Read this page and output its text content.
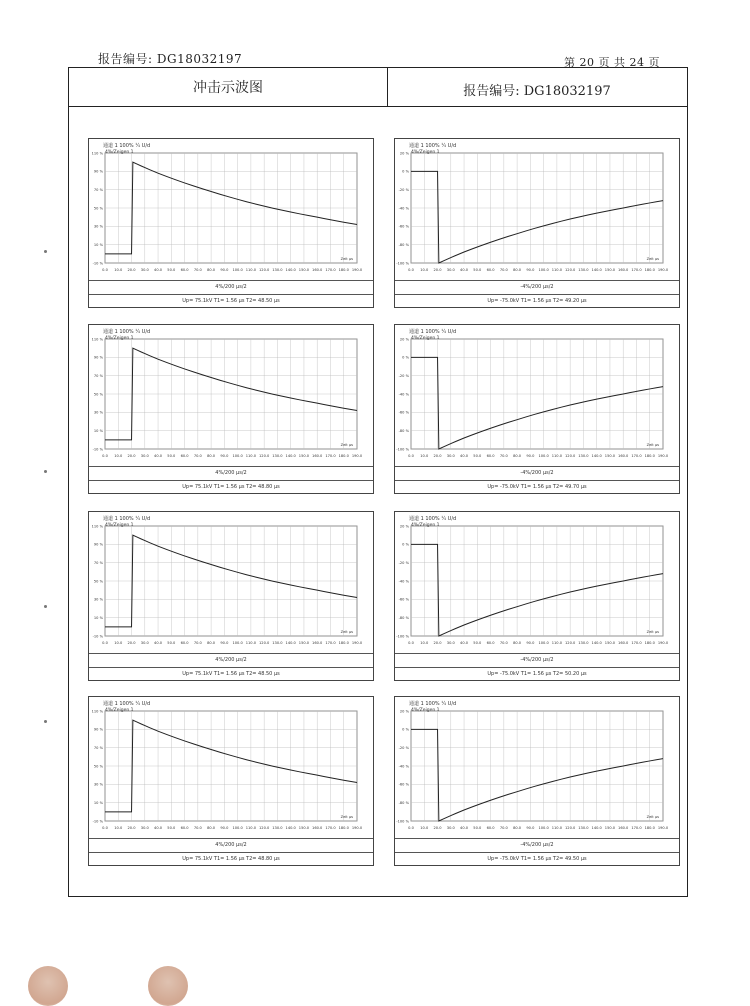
报告编号: DG18032197	第 20 页 共 24 页
冲击示波图	报告编号: DG18032197
0.0 10.0 20.0 30.0 40.0 50.0 60.0 70.0 80.0 90.0 100.0 110.0 120.0 130.0 140.0 150.0 160.0 170.0 180.0 190.0
110 %
90 %
70 %
50 %
30 %
10 %
-10 %
Zeit µs
通道 1 100% ¼ U/d
4%/Zeigen 1
4%/200 µs/2
Up= 75.1kV T1= 1.56 µs T2= 48.50 µs
0.0 10.0 20.0 30.0 40.0 50.0 60.0 70.0 80.0 90.0 100.0 110.0 120.0 130.0 140.0 150.0 160.0 170.0 180.0 190.0
20 %
0 %
-20 %
-40 %
-60 %
-80 %
-100 %
Zeit µs
通道 1 100% ¼ U/d
4%/Zeigen 1
-4%/200 µs/2
Up= -75.0kV T1= 1.56 µs T2= 49.20 µs
0.0 10.0 20.0 30.0 40.0 50.0 60.0 70.0 80.0 90.0 100.0 110.0 120.0 130.0 140.0 150.0 160.0 170.0 180.0 190.0
110 %
90 %
70 %
50 %
30 %
10 %
-10 %
Zeit µs
通道 1 100% ¼ U/d
4%/Zeigen 1
4%/200 µs/2
Up= 75.1kV T1= 1.56 µs T2= 48.80 µs
0.0 10.0 20.0 30.0 40.0 50.0 60.0 70.0 80.0 90.0 100.0 110.0 120.0 130.0 140.0 150.0 160.0 170.0 180.0 190.0
20 %
0 %
-20 %
-40 %
-60 %
-80 %
-100 %
Zeit µs
通道 1 100% ¼ U/d
4%/Zeigen 1
-4%/200 µs/2
Up= -75.0kV T1= 1.56 µs T2= 49.70 µs
0.0 10.0 20.0 30.0 40.0 50.0 60.0 70.0 80.0 90.0 100.0 110.0 120.0 130.0 140.0 150.0 160.0 170.0 180.0 190.0
110 %
90 %
70 %
50 %
30 %
10 %
-10 %
Zeit µs
通道 1 100% ¼ U/d
4%/Zeigen 1
4%/200 µs/2
Up= 75.1kV T1= 1.56 µs T2= 48.50 µs
0.0 10.0 20.0 30.0 40.0 50.0 60.0 70.0 80.0 90.0 100.0 110.0 120.0 130.0 140.0 150.0 160.0 170.0 180.0 190.0
20 %
0 %
-20 %
-40 %
-60 %
-80 %
-100 %
Zeit µs
通道 1 100% ¼ U/d
4%/Zeigen 1
-4%/200 µs/2
Up= -75.0kV T1= 1.56 µs T2= 50.20 µs
0.0 10.0 20.0 30.0 40.0 50.0 60.0 70.0 80.0 90.0 100.0 110.0 120.0 130.0 140.0 150.0 160.0 170.0 180.0 190.0
110 %
90 %
70 %
50 %
30 %
10 %
-10 %
Zeit µs
通道 1 100% ¼ U/d
4%/Zeigen 1
4%/200 µs/2
Up= 75.1kV T1= 1.56 µs T2= 48.80 µs
0.0 10.0 20.0 30.0 40.0 50.0 60.0 70.0 80.0 90.0 100.0 110.0 120.0 130.0 140.0 150.0 160.0 170.0 180.0 190.0
20 %
0 %
-20 %
-40 %
-60 %
-80 %
-100 %
Zeit µs
通道 1 100% ¼ U/d
4%/Zeigen 1
-4%/200 µs/2
Up= -75.0kV T1= 1.56 µs T2= 49.50 µs
